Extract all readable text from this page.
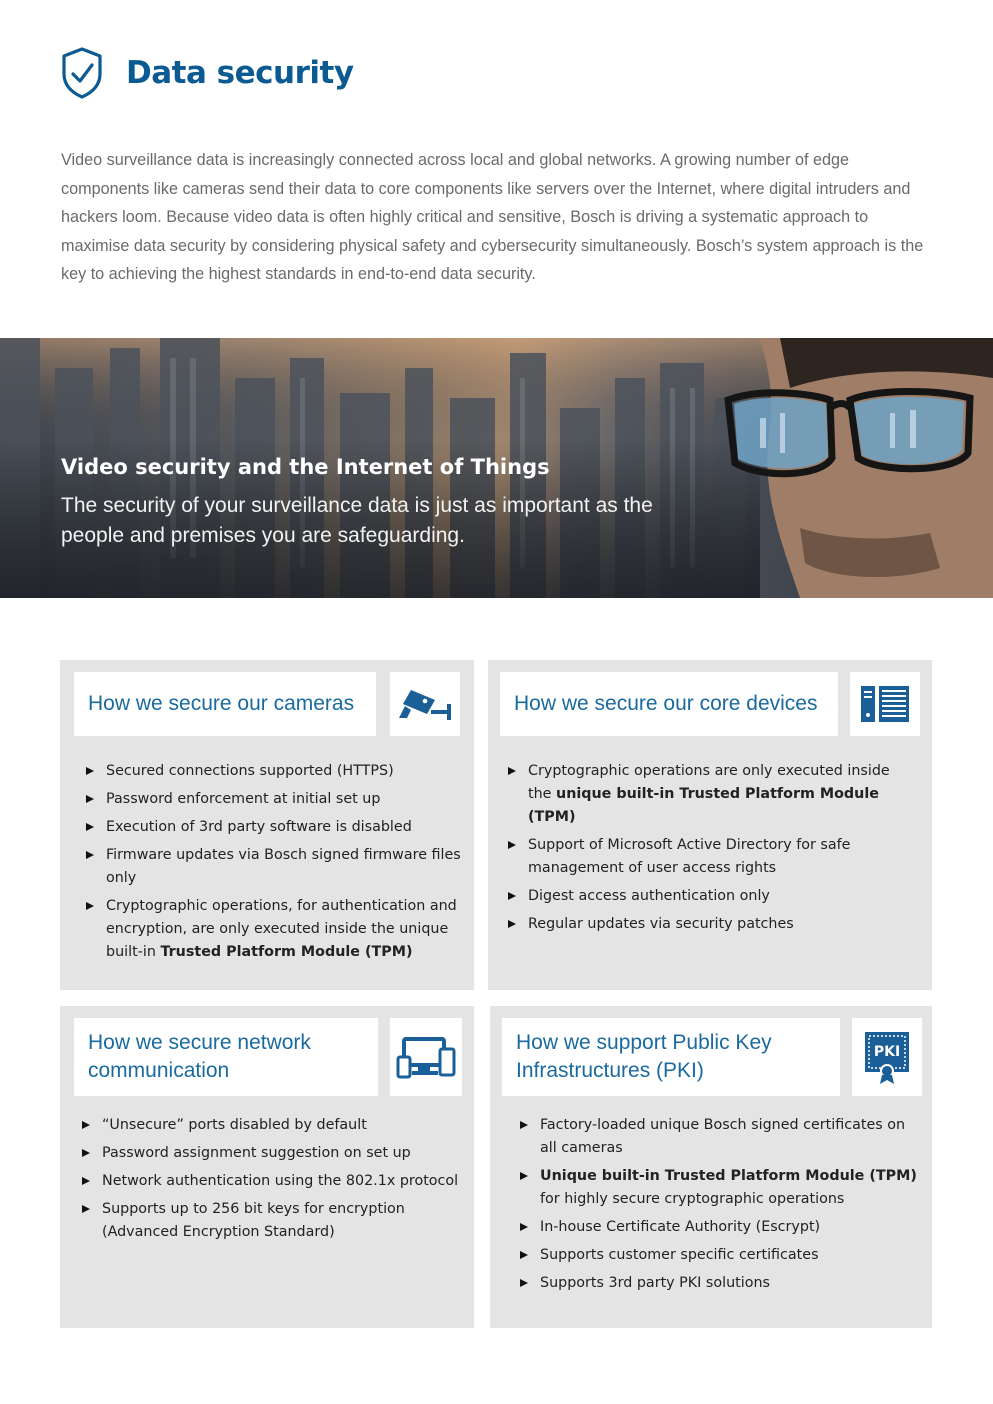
Data security

Video surveillance data is increasingly connected across local and global networks. A growing number of edge components like cameras send their data to core components like servers over the Internet, where digital intruders and hackers loom. Because video data is often highly critical and sensitive, Bosch is driving a systematic approach to maximise data security by considering physical safety and cybersecurity simultaneously. Bosch’s system approach is the key to achieving the highest standards in end-to-end data security.

Video security and the Internet of Things
The security of your surveillance data is just as important as the people and premises you are safeguarding.
How we secure our cameras
Secured connections supported (HTTPS)
Password enforcement at initial set up
Execution of 3rd party software is disabled
Firmware updates via Bosch signed firmware files only
Cryptographic operations, for authentication and encryption, are only executed inside the unique built-in Trusted Platform Module (TPM)
How we secure our core devices
Cryptographic operations are only executed inside the unique built-in Trusted Platform Module (TPM)
Support of Microsoft Active Directory for safe management of user access rights
Digest access authentication only
Regular updates via security patches
How we secure network communication
“Unsecure” ports disabled by default
Password assignment suggestion on set up
Network authentication using the 802.1x protocol
Supports up to 256 bit keys for encryption (Advanced Encryption Standard)
How we support Public Key Infrastructures (PKI)
PKI
Factory-loaded unique Bosch signed certificates on all cameras
Unique built-in Trusted Platform Module (TPM) for highly secure cryptographic operations
In-house Certificate Authority (Escrypt)
Supports customer specific certificates
Supports 3rd party PKI solutions
